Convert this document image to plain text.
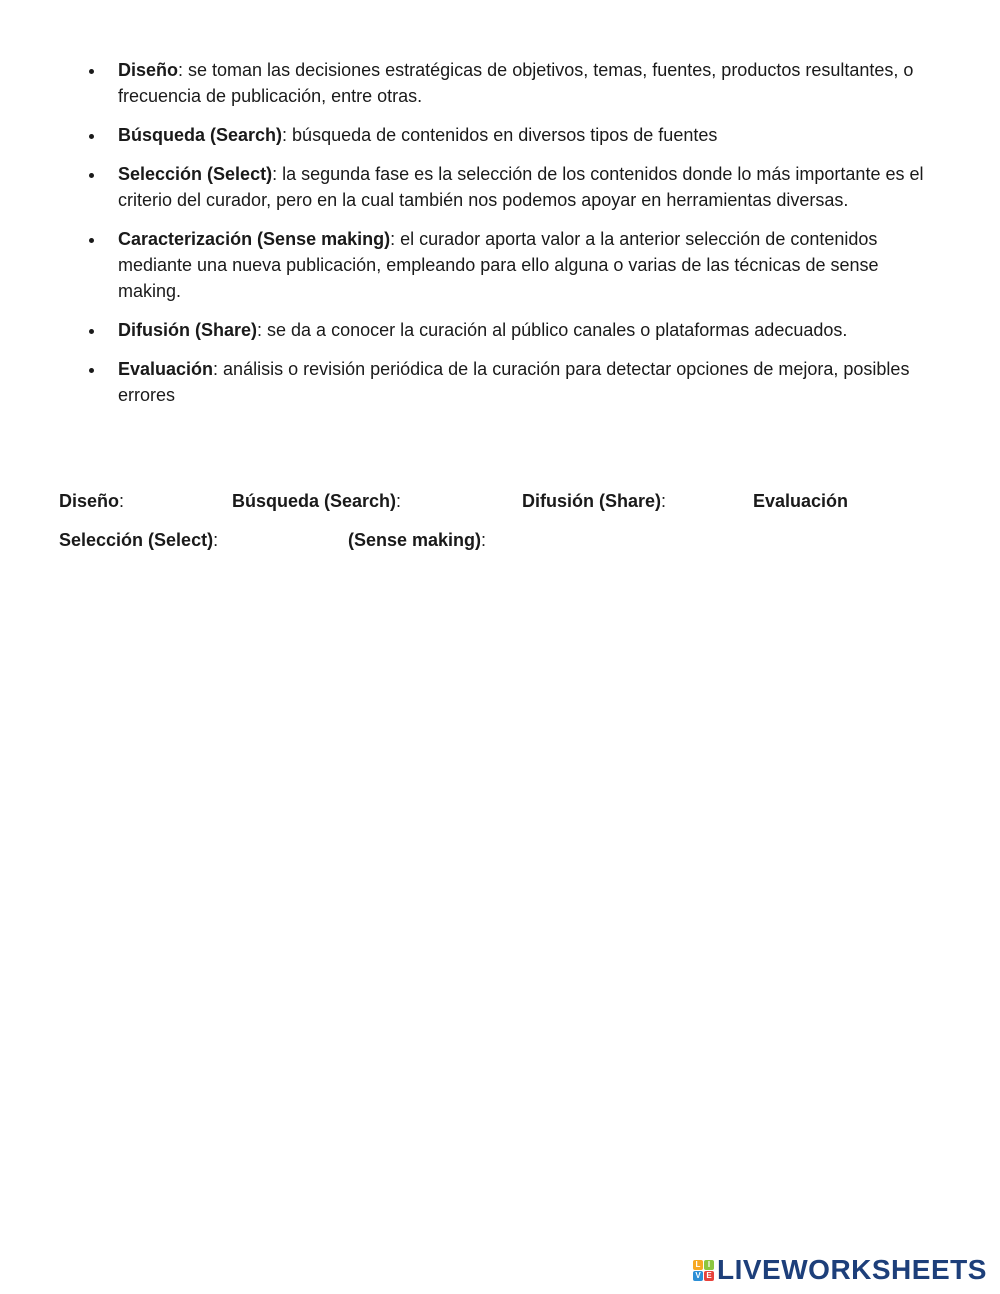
Diseño: se toman las decisiones estratégicas de objetivos, temas, fuentes, productos resultantes, o frecuencia de publicación, entre otras.
Búsqueda (Search): búsqueda de contenidos en diversos tipos de fuentes
Selección (Select): la segunda fase es la selección de los contenidos donde lo más importante es el criterio del curador, pero en la cual también nos podemos apoyar en herramientas diversas.
Caracterización (Sense making): el curador aporta valor a la anterior selección de contenidos mediante una nueva publicación, empleando para ello alguna o varias de las técnicas de sense making.
Difusión (Share): se da a conocer la curación al público canales o plataformas adecuados.
Evaluación: análisis o revisión periódica de la curación para detectar opciones de mejora, posibles errores
Diseño:	Búsqueda (Search):	Difusión (Share):	Evaluación
Selección (Select):	(Sense making):
L I
V E LIVEWORKSHEETS
